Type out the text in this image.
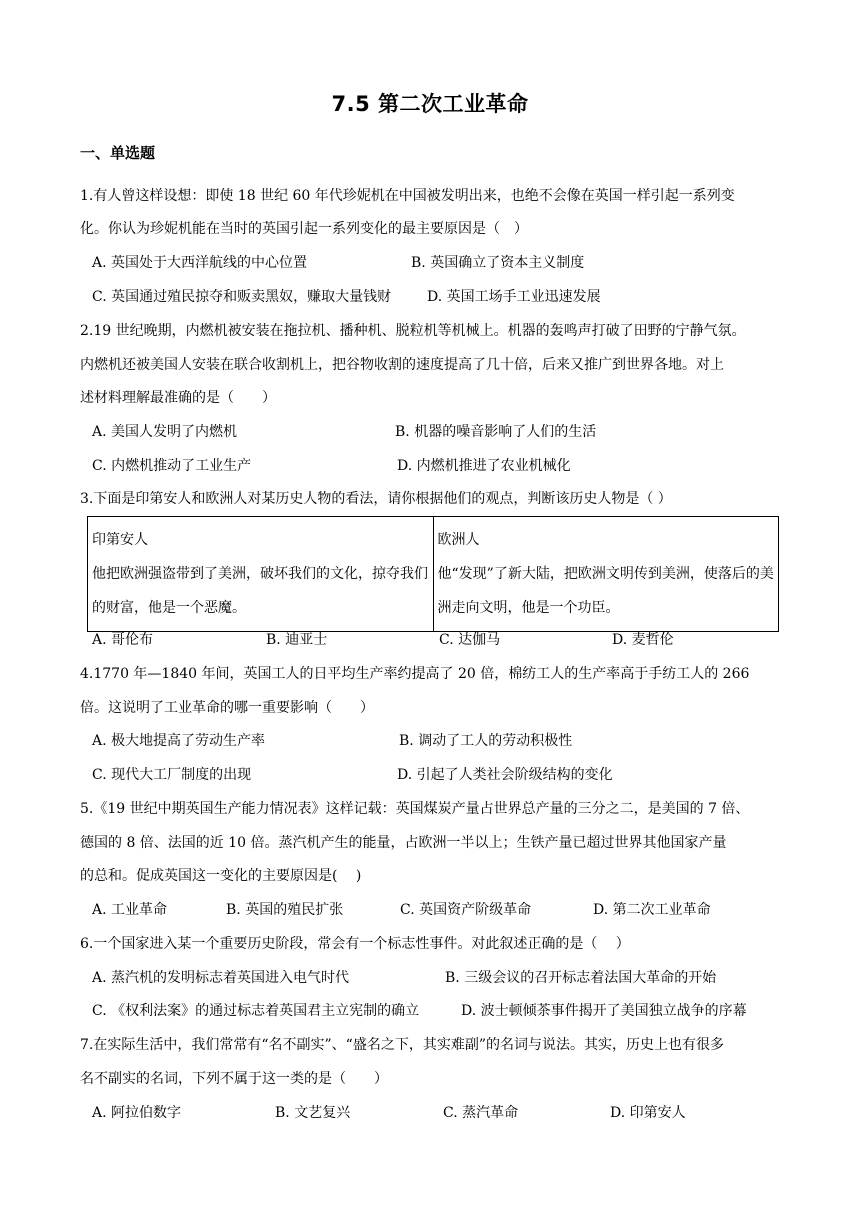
7.5 第二次工业革命
一、单选题
1.有人曾这样设想：即使 18 世纪 60 年代珍妮机在中国被发明出来，也绝不会像在英国一样引起一系列变
化。你认为珍妮机能在当时的英国引起一系列变化的最主要原因是（　）
A. 英国处于大西洋航线的中心位置	B. 英国确立了资本主义制度
C. 英国通过殖民掠夺和贩卖黑奴，赚取大量钱财	D. 英国工场手工业迅速发展
2.19 世纪晚期，内燃机被安装在拖拉机、播种机、脱粒机等机械上。机器的轰鸣声打破了田野的宁静气氛。
内燃机还被美国人安装在联合收割机上，把谷物收割的速度提高了几十倍，后来又推广到世界各地。对上
述材料理解最准确的是（　　）
A. 美国人发明了内燃机	B. 机器的噪音影响了人们的生活
C. 内燃机推动了工业生产	D. 内燃机推进了农业机械化
3.下面是印第安人和欧洲人对某历史人物的看法，请你根据他们的观点，判断该历史人物是（ ）
印第安人
他把欧洲强盗带到了美洲，破坏我们的文化，掠夺我们的财富，他是一个恶魔。

欧洲人
他“发现”了新大陆，把欧洲文明传到美洲，使落后的美洲走向文明，他是一个功臣。
A. 哥伦布	B. 迪亚士	C. 达伽马	D. 麦哲伦
4.1770 年—1840 年间，英国工人的日平均生产率约提高了 20 倍，棉纺工人的生产率高于手纺工人的 266
倍。这说明了工业革命的哪一重要影响（　　）
A. 极大地提高了劳动生产率	B. 调动了工人的劳动积极性
C. 现代大工厂制度的出现	D. 引起了人类社会阶级结构的变化
5.《19 世纪中期英国生产能力情况表》这样记载：英国煤炭产量占世界总产量的三分之二，是美国的 7 倍、
德国的 8 倍、法国的近 10 倍。蒸汽机产生的能量，占欧洲一半以上；生铁产量已超过世界其他国家产量
的总和。促成英国这一变化的主要原因是(　 )
A. 工业革命	B. 英国的殖民扩张	C. 英国资产阶级革命	D. 第二次工业革命
6.一个国家进入某一个重要历史阶段，常会有一个标志性事件。对此叙述正确的是（　 ）
A. 蒸汽机的发明标志着英国进入电气时代	B. 三级会议的召开标志着法国大革命的开始
C. 《权利法案》的通过标志着英国君主立宪制的确立	D. 波士顿倾茶事件揭开了美国独立战争的序幕
7.在实际生活中，我们常常有“名不副实”、“盛名之下，其实难副”的名词与说法。其实，历史上也有很多
名不副实的名词，下列不属于这一类的是（　　）
A. 阿拉伯数字	B. 文艺复兴	C. 蒸汽革命	D. 印第安人
